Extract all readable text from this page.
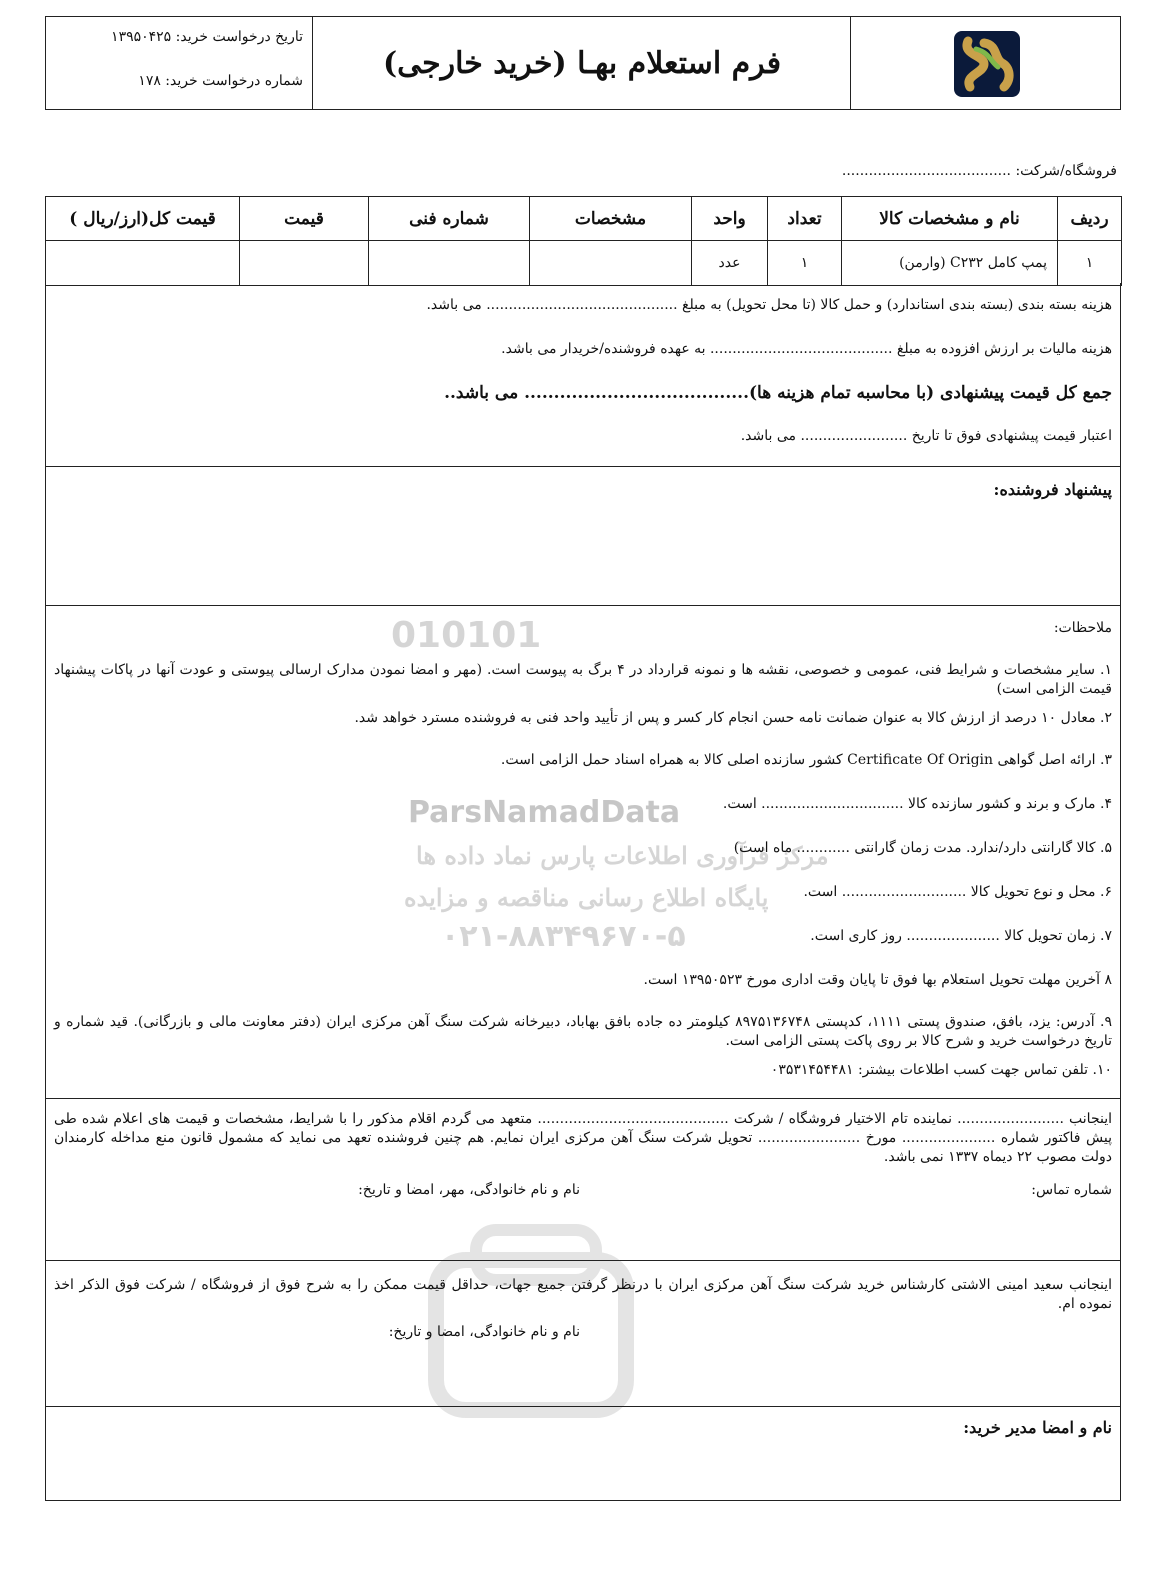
فرم استعلام بهـا (خرید خارجی)
تاریخ درخواست خرید: ۱۳۹۵۰۴۲۵
شماره درخواست خرید: ۱۷۸
فروشگاه/شرکت: ......................................
ردیف	نام و مشخصات کالا	تعداد	واحد	مشخصات	شماره فنی	قیمت	قیمت کل(ارز/ریال )
۱	پمپ کامل C۲۳۲ (وارمن)	۱	عدد				
هزینه بسته بندی (بسته بندی استاندارد) و حمل کالا (تا محل تحویل) به مبلغ ........................................... می باشد.
هزینه مالیات بر ارزش افزوده به مبلغ ......................................... به عهده فروشنده/خریدار می باشد.
جمع کل قیمت پیشنهادی (با محاسبه تمام هزینه ها)...................................... می باشد..
اعتبار قیمت پیشنهادی فوق تا تاریخ ........................ می باشد.
پیشنهاد فروشنده:
010101
ParsNamadData
مرکز فرآوری اطلاعات پارس نماد داده ها
پایگاه اطلاع رسانی مناقصه و مزایده
۰۲۱-۸۸۳۴۹۶۷۰-۵
ملاحظات:
۱. سایر مشخصات و شرایط فنی، عمومی و خصوصی، نقشه ها و نمونه قرارداد در ۴ برگ به پیوست است. (مهر و امضا نمودن مدارک ارسالی پیوستی و عودت آنها در پاکات پیشنهاد قیمت الزامی است)
۲. معادل ۱۰ درصد از ارزش کالا به عنوان ضمانت نامه حسن انجام کار کسر و پس از تأیید واحد فنی به فروشنده مسترد خواهد شد.
۳. ارائه اصل گواهی Certificate Of Origin کشور سازنده اصلی کالا به همراه اسناد حمل الزامی است.
۴. مارک و برند و کشور سازنده کالا ................................ است.
۵. کالا گارانتی دارد/ندارد. مدت زمان گارانتی ............ ماه است)
۶. محل و نوع تحویل کالا ............................ است.
۷. زمان تحویل کالا ..................... روز کاری است.
۸ آخرین مهلت تحویل استعلام بها فوق تا پایان وقت اداری مورخ ۱۳۹۵۰۵۲۳ است.
۹. آدرس: یزد، بافق، صندوق پستی ۱۱۱۱، کدپستی ۸۹۷۵۱۳۶۷۴۸ کیلومتر ده جاده بافق بهاباد، دبیرخانه شرکت سنگ آهن مرکزی ایران (دفتر معاونت مالی و بازرگانی). قید شماره و تاریخ درخواست خرید و شرح کالا بر روی پاکت پستی الزامی است.
۱۰. تلفن تماس جهت کسب اطلاعات بیشتر: ۰۳۵۳۱۴۵۴۴۸۱
اینجانب ........................ نماینده تام الاختیار فروشگاه / شرکت ........................................... متعهد می گردم اقلام مذکور را با شرایط، مشخصات و قیمت های اعلام شده طی پیش فاکتور شماره ..................... مورخ ....................... تحویل شرکت سنگ آهن مرکزی ایران نمایم. هم چنین فروشنده تعهد می نماید که مشمول قانون منع مداخله کارمندان دولت مصوب ۲۲ دیماه ۱۳۳۷ نمی باشد.
شماره تماس:
نام و نام خانوادگی، مهر، امضا و تاریخ:
اینجانب سعید امینی الاشتی کارشناس خرید شرکت سنگ آهن مرکزی ایران با درنظر گرفتن جمیع جهات، حداقل قیمت ممکن را به شرح فوق از فروشگاه / شرکت فوق الذکر اخذ نموده ام.
نام و نام خانوادگی، امضا و تاریخ:
نام و امضا مدیر خرید:
